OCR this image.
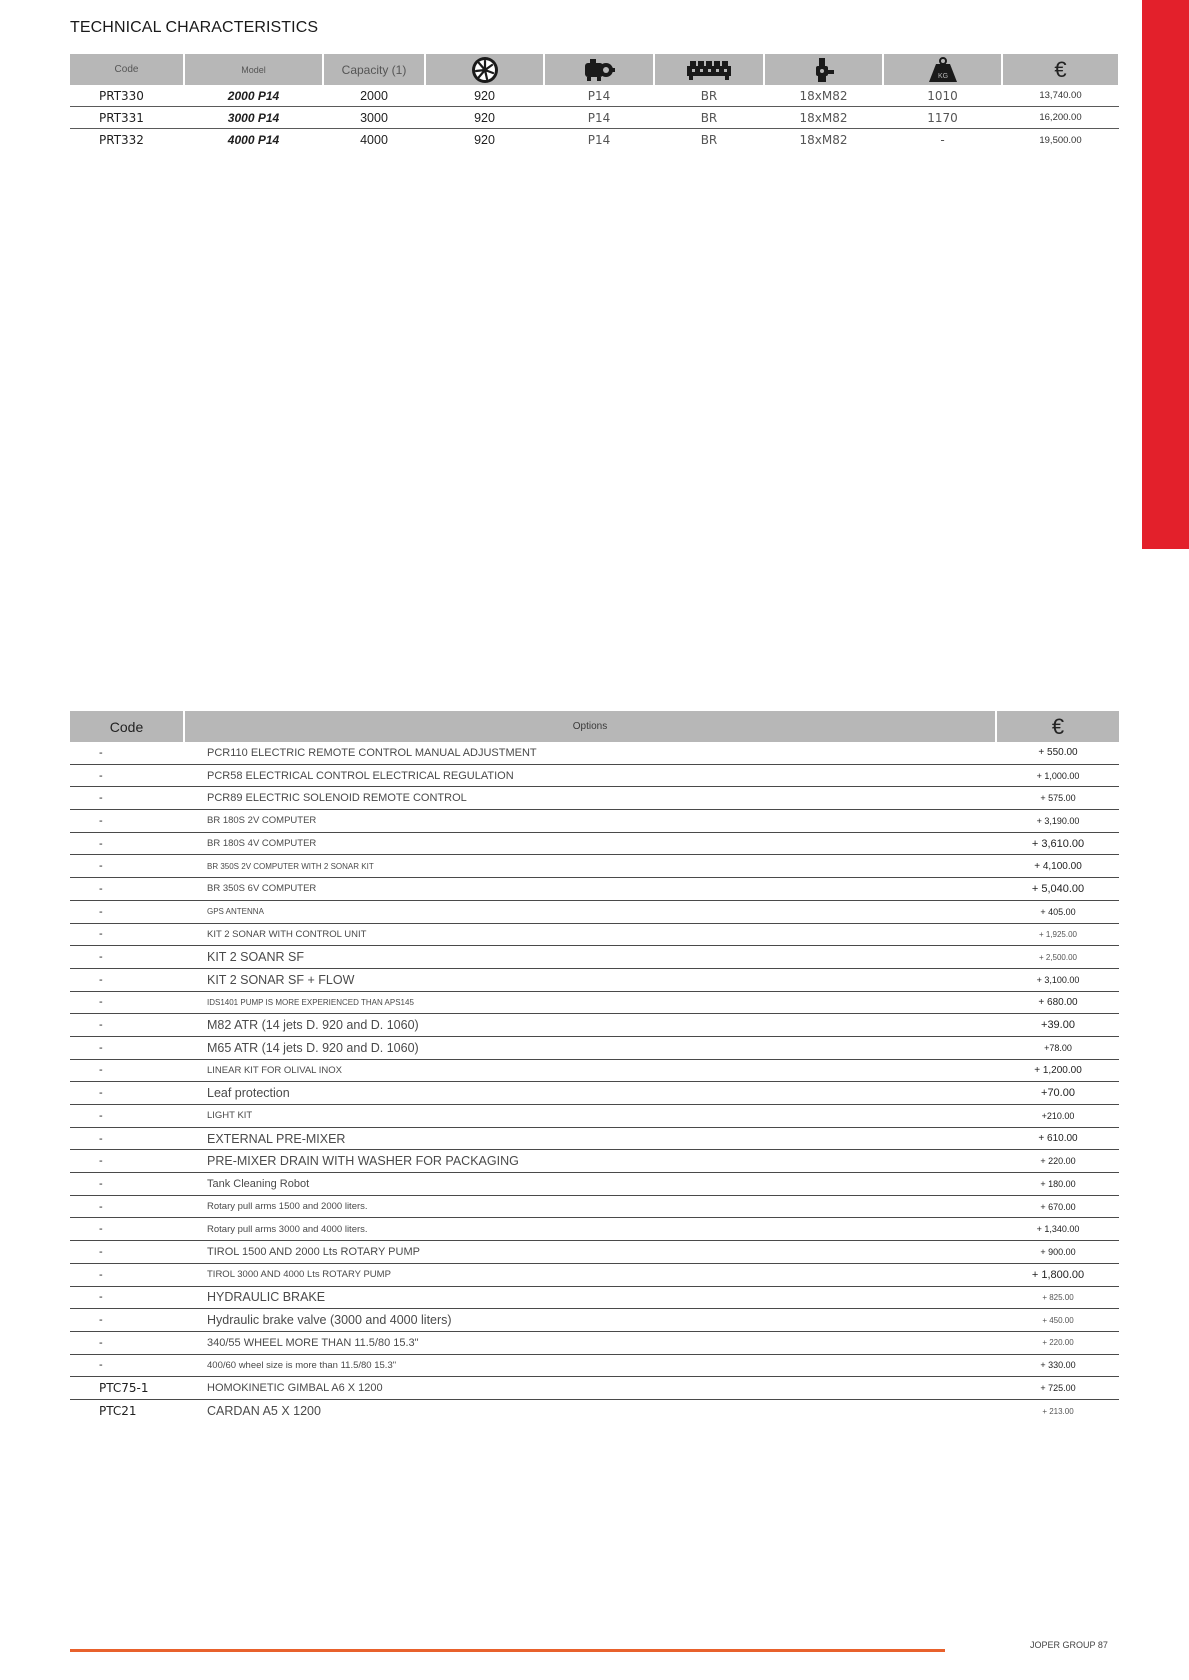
TECHNICAL CHARACTERISTICS
Code	Model	Capacity (1)	KG	€
PRT330	2000 P14	2000	920	P14	BR	18xM82	1010	13,740.00
PRT331	3000 P14	3000	920	P14	BR	18xM82	1170	16,200.00
PRT332	4000 P14	4000	920	P14	BR	18xM82	-	19,500.00
Code	Options	€
-	PCR110 ELECTRIC REMOTE CONTROL MANUAL ADJUSTMENT	+ 550.00
-	PCR58 ELECTRICAL CONTROL ELECTRICAL REGULATION	+ 1,000.00
-	PCR89 ELECTRIC SOLENOID REMOTE CONTROL	+ 575.00
-	BR 180S 2V COMPUTER	+ 3,190.00
-	BR 180S 4V COMPUTER	+ 3,610.00
-	BR 350S 2V COMPUTER WITH 2 SONAR KIT	+ 4,100.00
-	BR 350S 6V COMPUTER	+ 5,040.00
-	GPS ANTENNA	+ 405.00
-	KIT 2 SONAR WITH CONTROL UNIT	+ 1,925.00
-	KIT 2 SOANR SF	+ 2,500.00
-	KIT 2 SONAR SF + FLOW	+ 3,100.00
-	IDS1401 PUMP IS MORE EXPERIENCED THAN APS145	+ 680.00
-	M82 ATR (14 jets D. 920 and D. 1060)	+39.00
-	M65 ATR (14 jets D. 920 and D. 1060)	+78.00
-	LINEAR KIT FOR OLIVAL INOX	+ 1,200.00
-	Leaf protection	+70.00
-	LIGHT KIT	+210.00
-	EXTERNAL PRE-MIXER	+ 610.00
-	PRE-MIXER DRAIN WITH WASHER FOR PACKAGING	+ 220.00
-	Tank Cleaning Robot	+ 180.00
-	Rotary pull arms 1500 and 2000 liters.	+ 670.00
-	Rotary pull arms 3000 and 4000 liters.	+ 1,340.00
-	TIROL 1500 AND 2000 Lts ROTARY PUMP	+ 900.00
-	TIROL 3000 AND 4000 Lts ROTARY PUMP	+ 1,800.00
-	HYDRAULIC BRAKE	+ 825.00
-	Hydraulic brake valve (3000 and 4000 liters)	+ 450.00
-	340/55 WHEEL MORE THAN 11.5/80 15.3"	+ 220.00
-	400/60 wheel size is more than 11.5/80 15.3"	+ 330.00
PTC75-1	HOMOKINETIC GIMBAL A6 X 1200	+ 725.00
PTC21	CARDAN A5 X 1200	+ 213.00
JOPER GROUP 87
